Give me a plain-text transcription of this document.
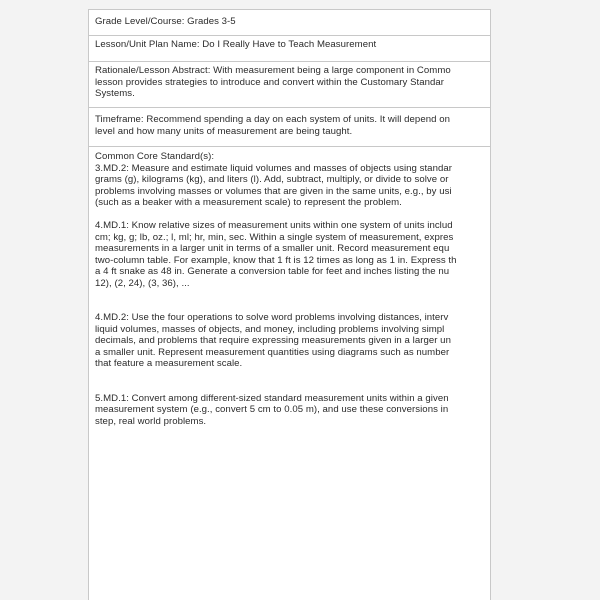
Grade Level/Course: Grades 3-5
Lesson/Unit Plan Name: Do I Really Have to Teach Measurement
Rationale/Lesson Abstract: With measurement being a large component in Commo
lesson provides strategies to introduce and convert within the Customary Standar
Systems.
Timeframe: Recommend spending a day on each system of units. It will depend on
level and how many units of measurement are being taught.
Common Core Standard(s):
3.MD.2: Measure and estimate liquid volumes and masses of objects using standar
grams (g), kilograms (kg), and liters (l). Add, subtract, multiply, or divide to solve or
problems involving masses or volumes that are given in the same units, e.g., by usi
(such as a beaker with a measurement scale) to represent the problem.
4.MD.1: Know relative sizes of measurement units within one system of units includ
cm; kg, g; lb, oz.; l, ml; hr, min, sec. Within a single system of measurement, expres
measurements in a larger unit in terms of a smaller unit. Record measurement equ
two-column table. For example, know that 1 ft is 12 times as long as 1 in. Express th
a 4 ft snake as 48 in. Generate a conversion table for feet and inches listing the nu
12), (2, 24), (3, 36), ...
4.MD.2: Use the four operations to solve word problems involving distances, interv
liquid volumes, masses of objects, and money, including problems involving simpl
decimals, and problems that require expressing measurements given in a larger un
a smaller unit. Represent measurement quantities using diagrams such as number
that feature a measurement scale.
5.MD.1: Convert among different-sized standard measurement units within a given
measurement system (e.g., convert 5 cm to 0.05 m), and use these conversions in
step, real world problems.
